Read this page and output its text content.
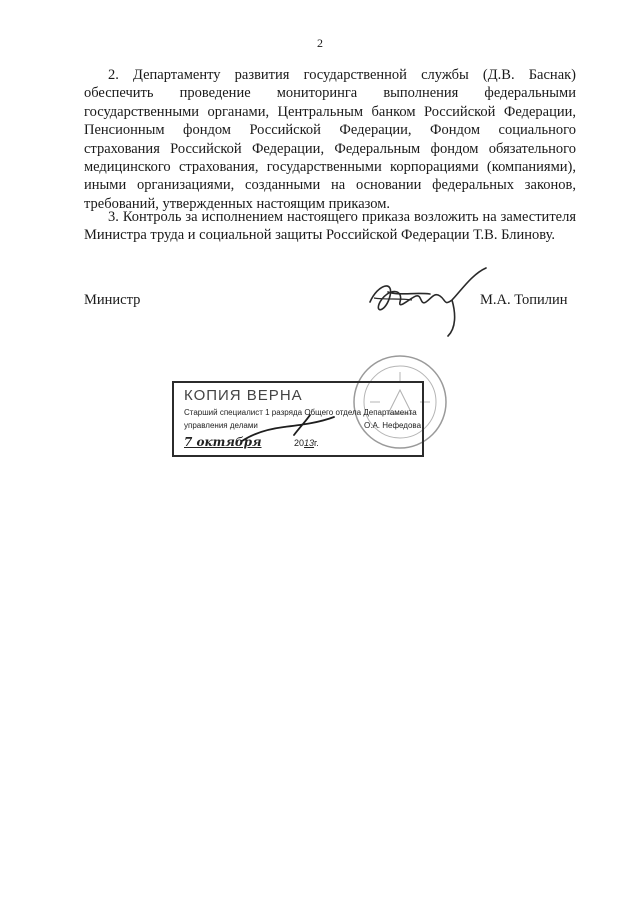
2

2. Департаменту развития государственной службы (Д.В. Баснак) обеспечить проведение мониторинга выполнения федеральными государственными органами, Центральным банком Российской Федерации, Пенсионным фондом Российской Федерации, Фондом социального страхования Российской Федерации, Федеральным фондом обязательного медицинского страхования, государственными корпорациями (компаниями), иными организациями, созданными на основании федеральных законов, требований, утвержденных настоящим приказом.

3. Контроль за исполнением настоящего приказа возложить на заместителя Министра труда и социальной защиты Российской Федерации Т.В. Блинову.

Министр	М.А. Топилин
КОПИЯ ВЕРНА
Старший специалист 1 разряда Общего отдела Департамента
управления делами	О.А. Нефедова
7 октября	2013г.
